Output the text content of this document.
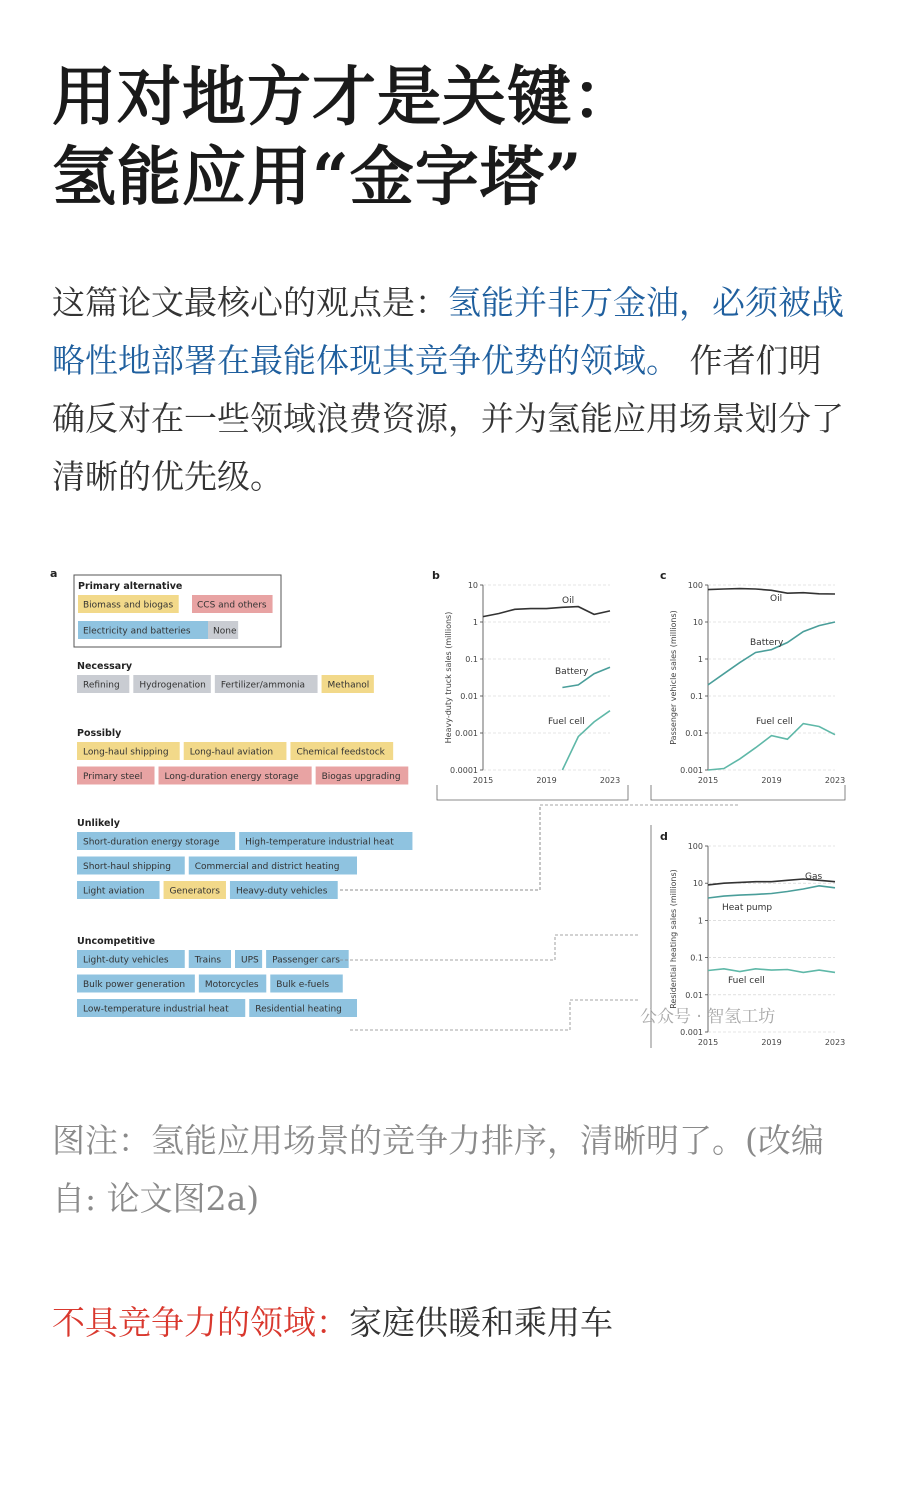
用对地方才是关键：
氢能应用“金字塔”
这篇论文最核心的观点是：氢能并非万金油，必须被战略性地部署在最能体现其竞争优势的领域。 作者们明确反对在一些领域浪费资源，并为氢能应用场景划分了清晰的优先级。
a
Primary alternative
Biomass and biogas	CCS and others
Electricity and batteries None
Necessary
Refining Hydrogenation Fertilizer/ammonia Methanol
Possibly
Long-haul shipping Long-haul aviation	Chemical feedstock
Primary steel Long-duration energy storage	Biogas upgrading
Unlikely
Short-duration energy storage	High-temperature industrial heat
Short-haul shipping	Commercial and district heating
Light aviation	Generators Heavy-duty vehicles
Uncompetitive
Light-duty vehicles	Trains UPS Passenger cars
Bulk power generation Motorcycles Bulk e-fuels
Low-temperature industrial heat	Residential heating
b
10
1
0.1
0.01
0.001
0.0001
2015	2019	2023
Heavy-duty truck sales (millions)
Oil
Battery
Fuel cell
c
100
10
1
0.1
0.01
0.001
2015	2019	2023
Passenger vehicle sales (millions)
Oil
Battery
Fuel cell
d
100
10
1
0.1
0.01
0.001
2015	2019	2023
Residential heating sales (millions)	Gas
Heat pump
Fuel cell
公众号 · 智氢工坊
图注：氢能应用场景的竞争力排序，清晰明了。(改编自: 论文图2a)
不具竞争力的领域：家庭供暖和乘用车
